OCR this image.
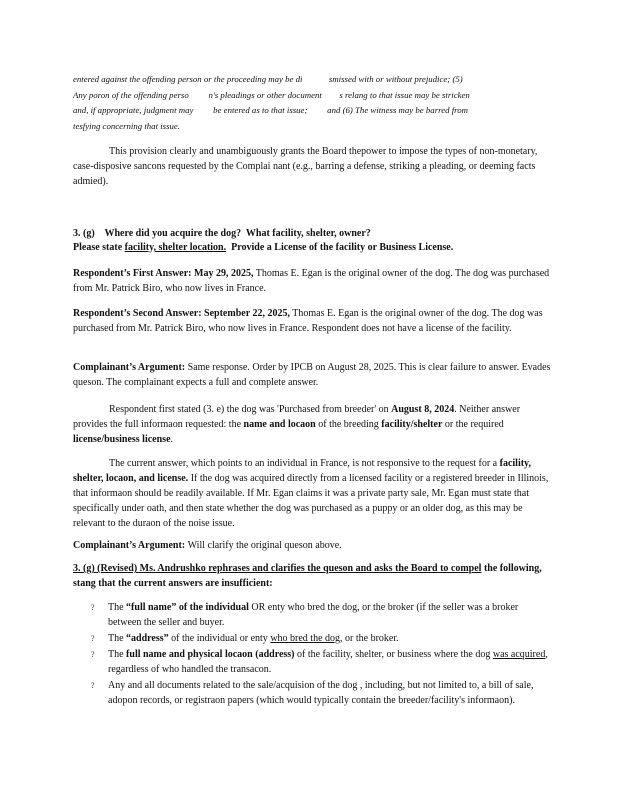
entered against the offending person or the proceeding may be di            smissed with or without prejudice; (5)
Any poron of the offending perso         n's pleadings or other document        s relang to that issue may be stricken
and, if appropriate, judgment may         be entered as to that issue;         and (6) The witness may be barred from
tesfying concerning that issue.

This provision clearly and unambiguously grants the Board thepower to impose the types of non-monetary, case-disposive sancons requested by the Complai nant (e.g., barring a defense, striking a pleading, or deeming facts admied).

3. (g)    Where did you acquire the dog?  What facility, shelter, owner?
Please state facility, shelter location.  Provide a License of the facility or Business License.

Respondent’s First Answer: May 29, 2025, Thomas E. Egan is the original owner of the dog. The dog was purchased from Mr. Patrick Biro, who now lives in France.

Respondent’s Second Answer: September 22, 2025, Thomas E. Egan is the original owner of the dog. The dog was purchased from Mr. Patrick Biro, who now lives in France. Respondent does not have a license of the facility.

Complainant’s Argument: Same response. Order by IPCB on August 28, 2025. This is clear failure to answer. Evades queson. The complainant expects a full and complete answer.

Respondent first stated (3. e) the dog was 'Purchased from breeder' on August 8, 2024. Neither answer provides the full informaon requested: the name and locaon of the breeding facility/shelter or the required license/business license.

The current answer, which points to an individual in France, is not responsive to the request for a facility, shelter, locaon, and license. If the dog was acquired directly from a licensed facility or a registered breeder in Illinois, that informaon should be readily available. If Mr. Egan claims it was a private party sale, Mr. Egan must state that specifically under oath, and then state whether the dog was purchased as a puppy or an older dog, as this may be relevant to the duraon of the noise issue.

Complainant’s Argument: Will clarify the original queson above.

3. (g) (Revised) Ms. Andrushko rephrases and clarifies the queson and asks the Board to compel the following, stang that the current answers are insufficient:

? The “full name” of the individual OR enty who bred the dog, or the broker (if the seller was a broker between the seller and buyer.
? The “address” of the individual or enty who bred the dog, or the broker.
? The full name and physical locaon (address) of the facility, shelter, or business where the dog was acquired, regardless of who handled the transacon.
? Any and all documents related to the sale/acquision of the dog , including, but not limited to, a bill of sale, adopon records, or registraon papers (which would typically contain the breeder/facility's informaon).
